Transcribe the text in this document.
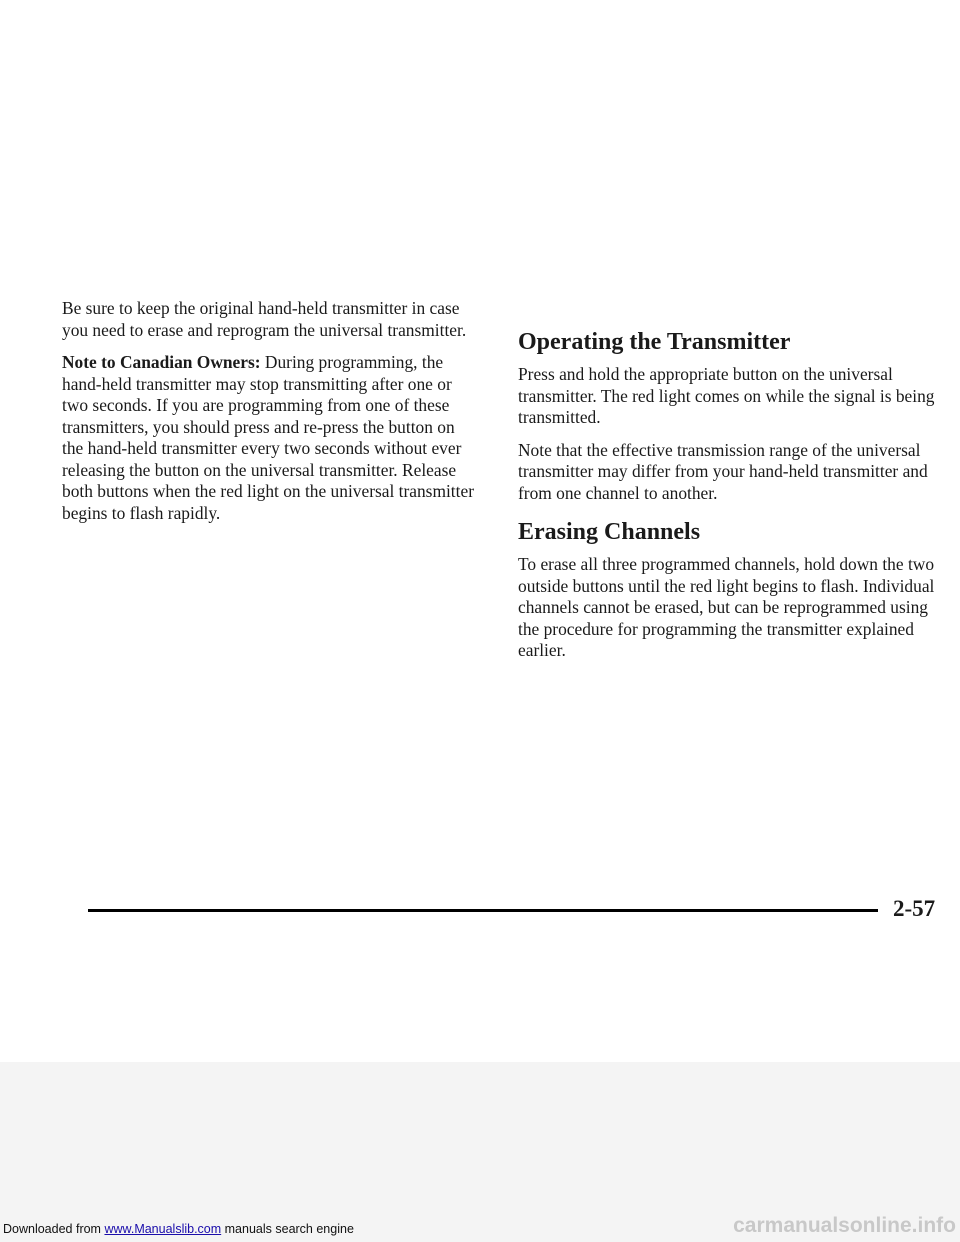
Be sure to keep the original hand-held transmitter in case you need to erase and reprogram the universal transmitter.

Note to Canadian Owners: During programming, the hand-held transmitter may stop transmitting after one or two seconds. If you are programming from one of these transmitters, you should press and re-press the button on the hand-held transmitter every two seconds without ever releasing the button on the universal transmitter. Release both buttons when the red light on the universal transmitter begins to flash rapidly.

Operating the Transmitter

Press and hold the appropriate button on the universal transmitter. The red light comes on while the signal is being transmitted.

Note that the effective transmission range of the universal transmitter may differ from your hand-held transmitter and from one channel to another.

Erasing Channels

To erase all three programmed channels, hold down the two outside buttons until the red light begins to flash. Individual channels cannot be erased, but can be reprogrammed using the procedure for programming the transmitter explained earlier.

2-57
Downloaded from www.Manualslib.com manuals search engine	carmanualsonline.info
